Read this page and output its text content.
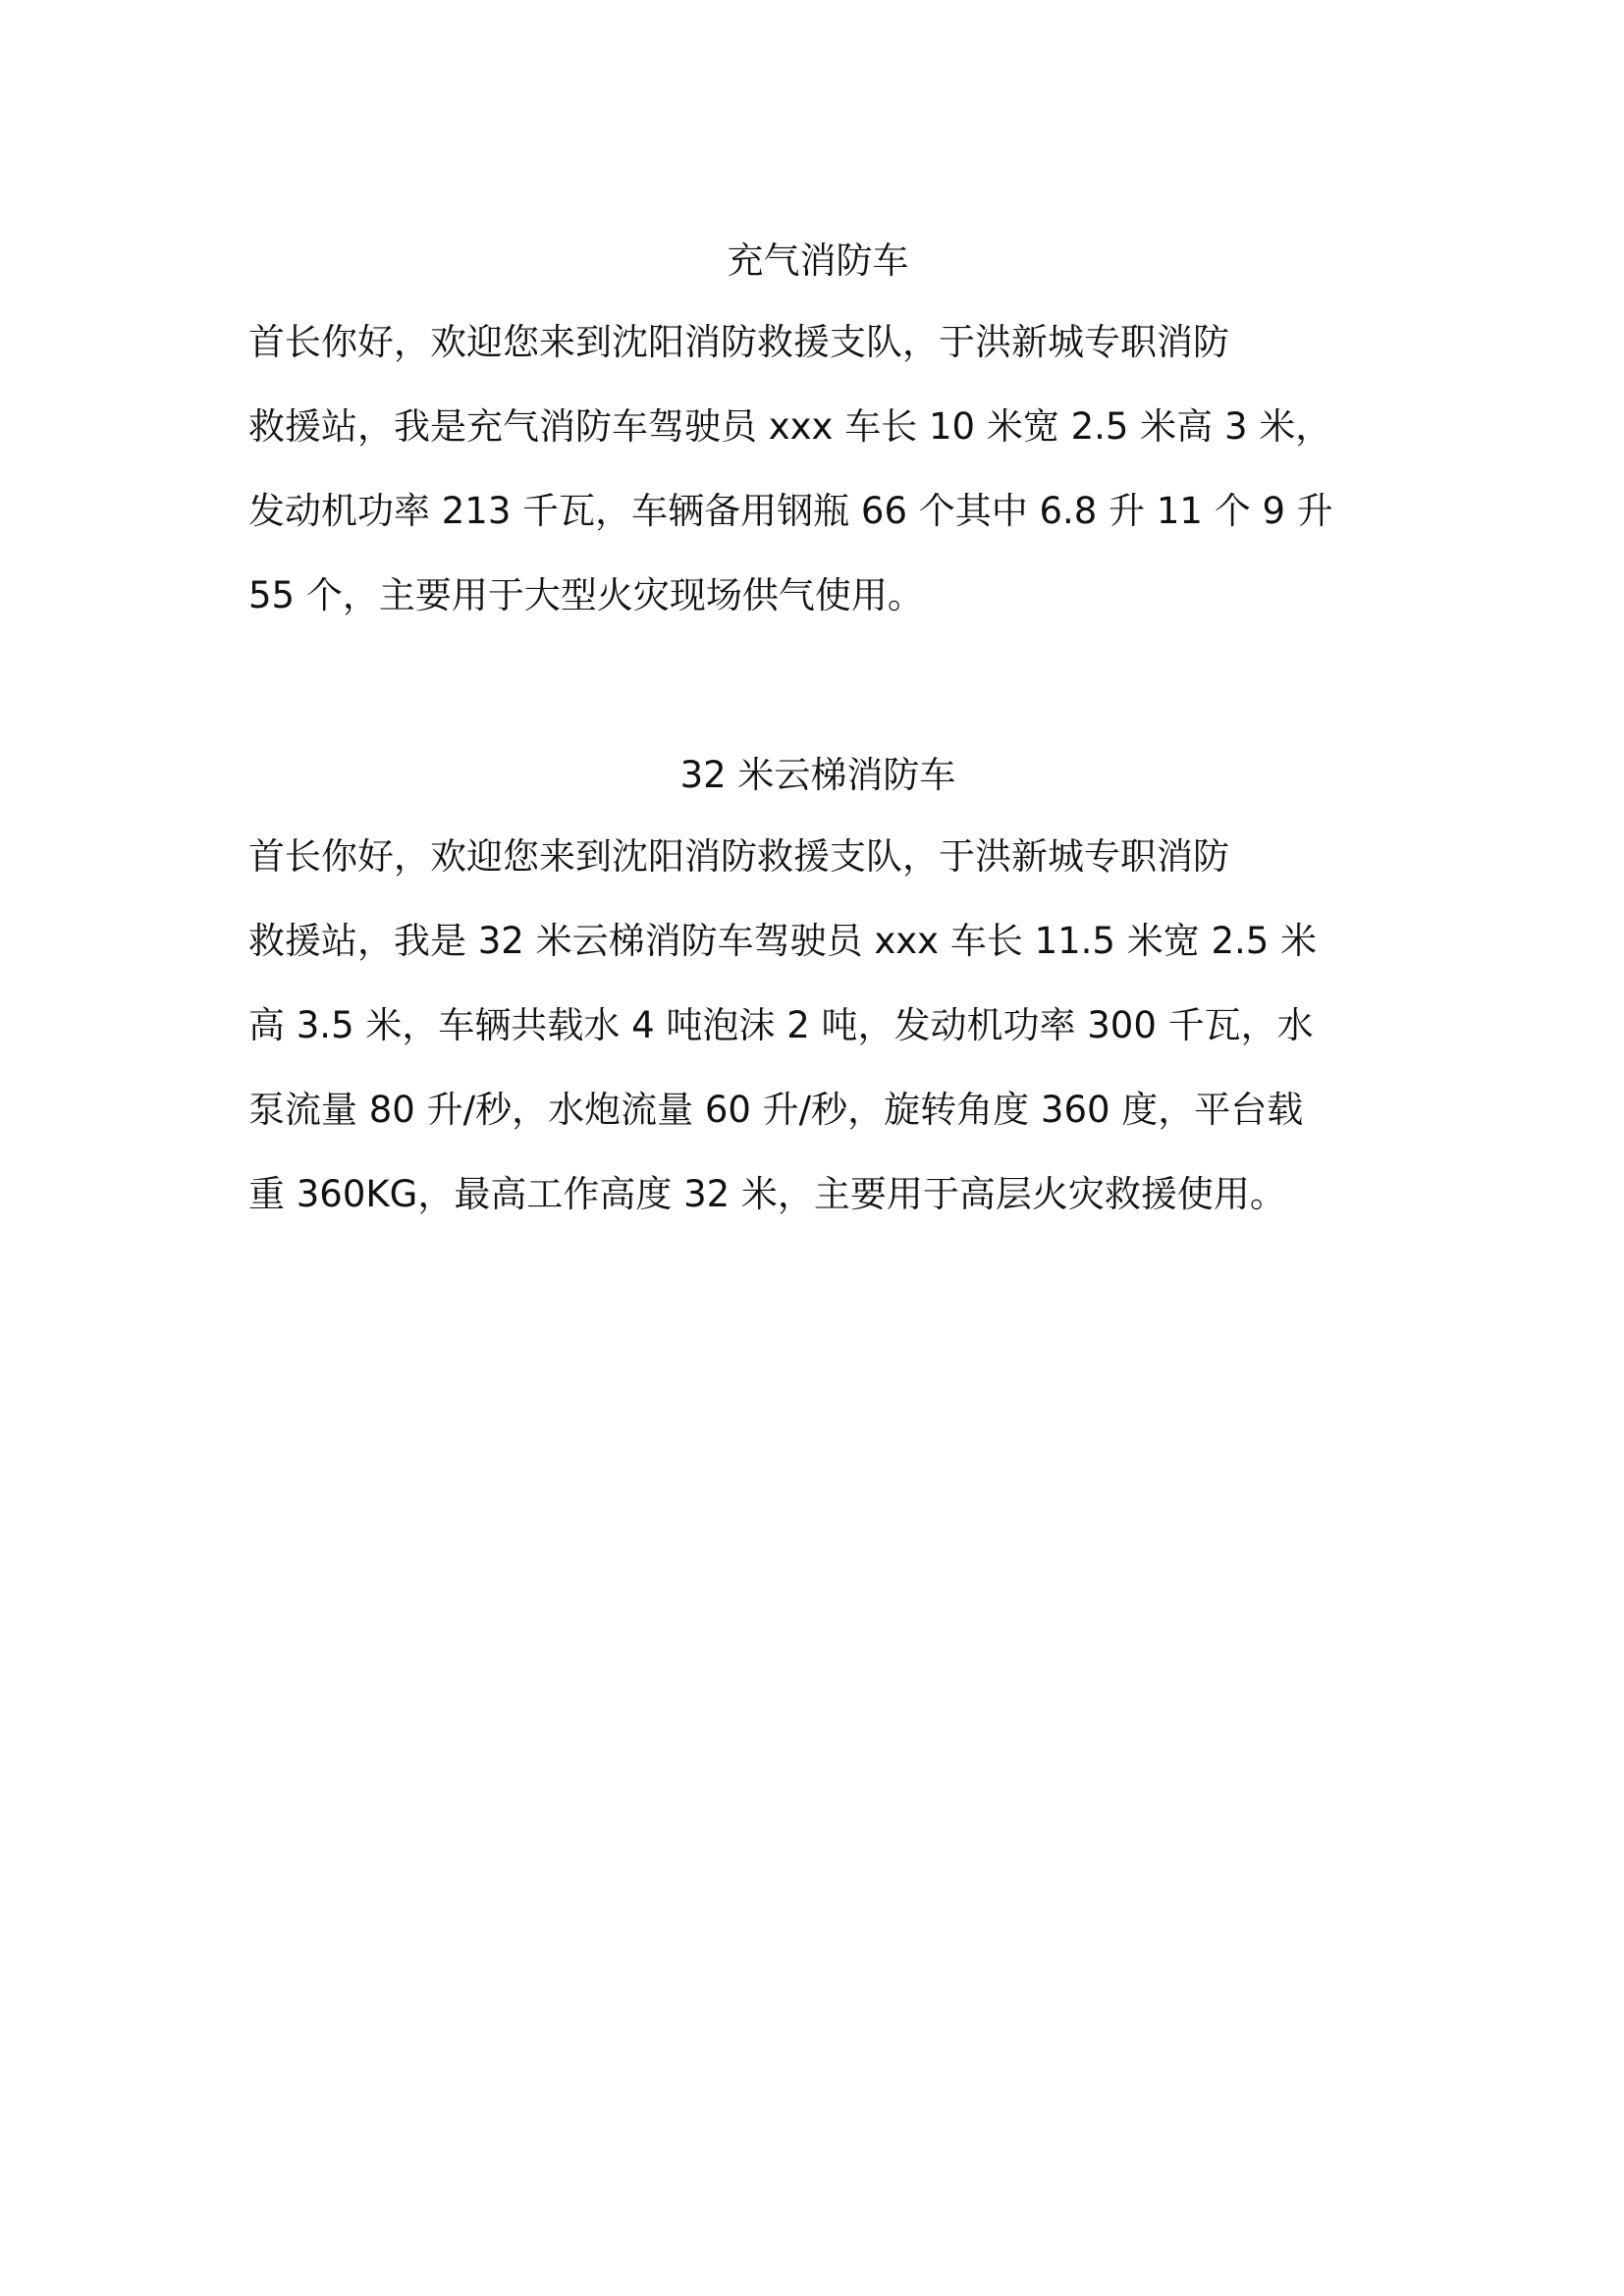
充气消防车
首长你好，欢迎您来到沈阳消防救援支队，于洪新城专职消防
救援站，我是充气消防车驾驶员 xxx 车长 10 米宽 2.5 米高 3 米，
发动机功率 213 千瓦，车辆备用钢瓶 66 个其中 6.8 升 11 个 9 升
55 个，主要用于大型火灾现场供气使用。
32 米云梯消防车
首长你好，欢迎您来到沈阳消防救援支队，于洪新城专职消防
救援站，我是 32 米云梯消防车驾驶员 xxx 车长 11.5 米宽 2.5 米
高 3.5 米，车辆共载水 4 吨泡沫 2 吨，发动机功率 300 千瓦，水
泵流量 80 升/秒，水炮流量 60 升/秒，旋转角度 360 度，平台载
重 360KG，最高工作高度 32 米，主要用于高层火灾救援使用。
